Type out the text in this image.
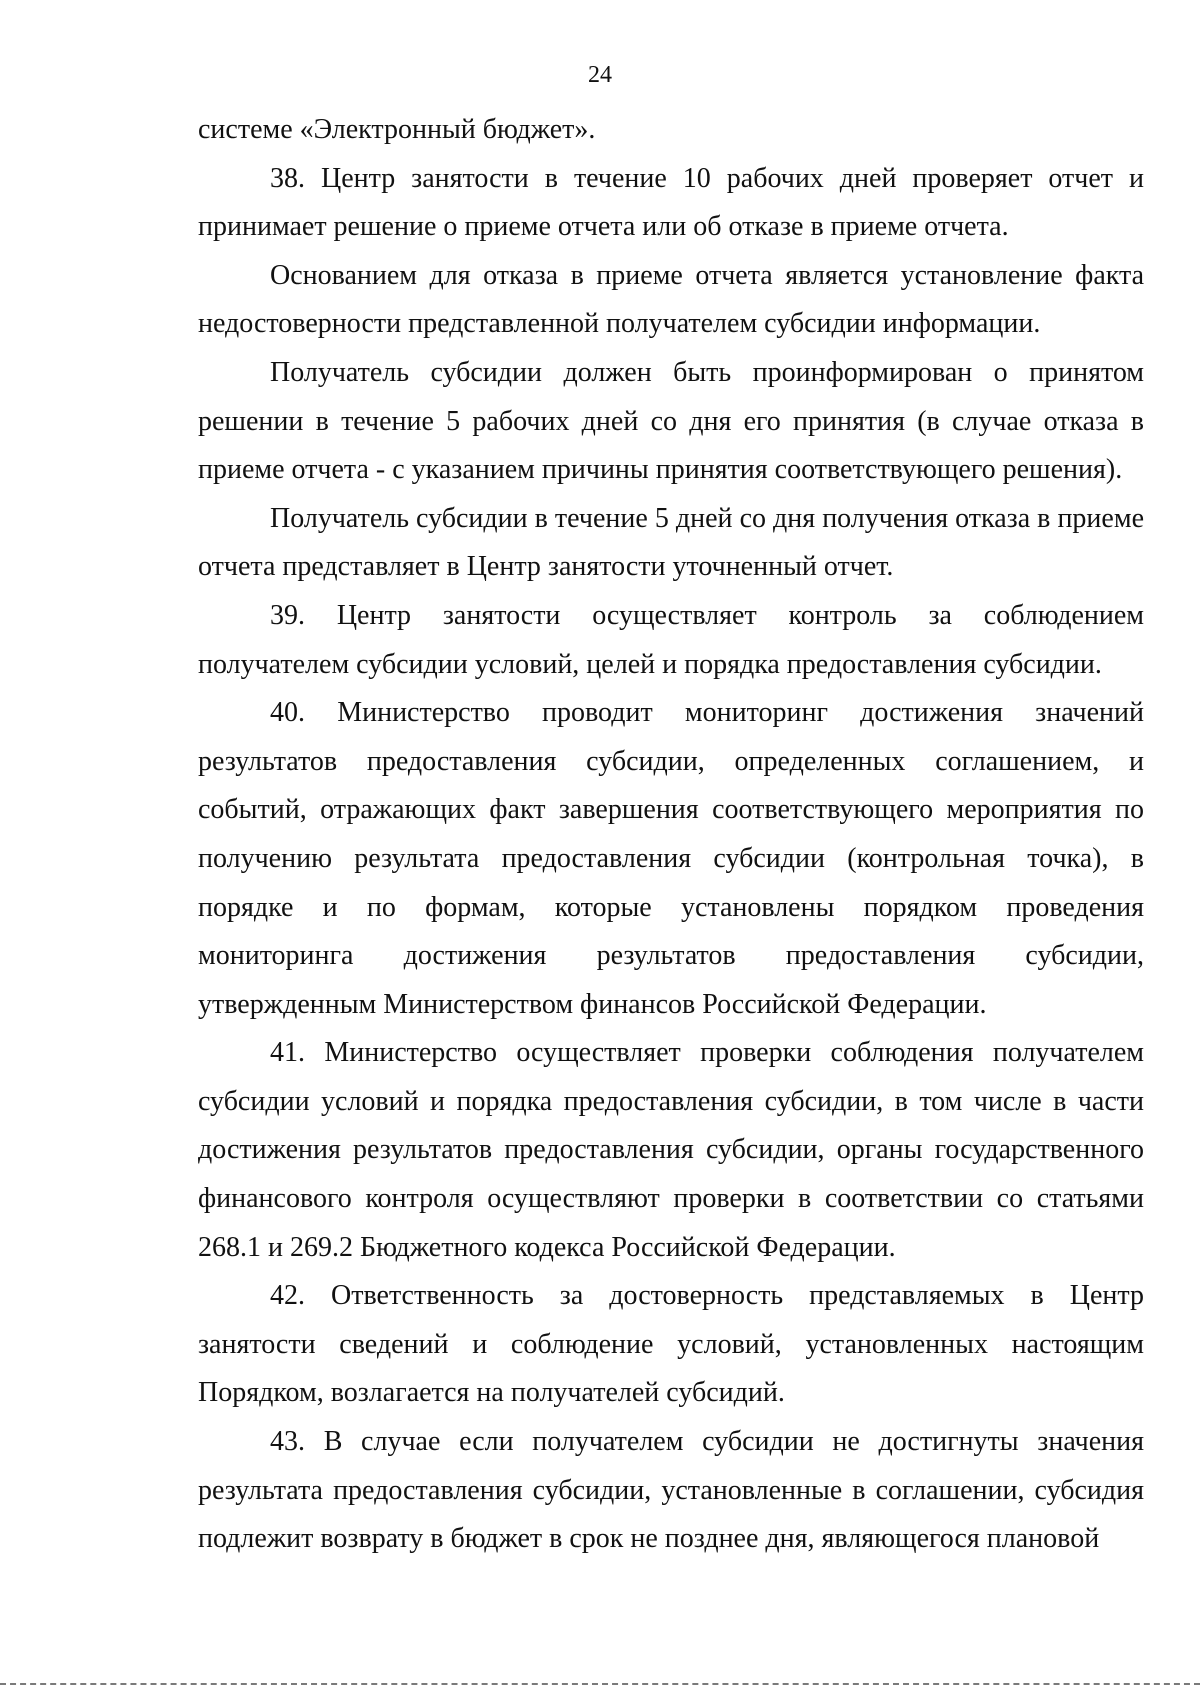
24

системе «Электронный бюджет».

38. Центр занятости в течение 10 рабочих дней проверяет отчет и принимает решение о приеме отчета или об отказе в приеме отчета.

Основанием для отказа в приеме отчета является установление факта недостоверности представленной получателем субсидии информации.

Получатель субсидии должен быть проинформирован о принятом решении в течение 5 рабочих дней со дня его принятия (в случае отказа в приеме отчета - с указанием причины принятия соответствующего решения).

Получатель субсидии в течение 5 дней со дня получения отказа в приеме отчета представляет в Центр занятости уточненный отчет.

39. Центр занятости осуществляет контроль за соблюдением получателем субсидии условий, целей и порядка предоставления субсидии.

40. Министерство проводит мониторинг достижения значений результатов предоставления субсидии, определенных соглашением, и событий, отражающих факт завершения соответствующего мероприятия по получению результата предоставления субсидии (контрольная точка), в порядке и по формам, которые установлены порядком проведения мониторинга достижения результатов предоставления субсидии, утвержденным Министерством финансов Российской Федерации.

41. Министерство осуществляет проверки соблюдения получателем субсидии условий и порядка предоставления субсидии, в том числе в части достижения результатов предоставления субсидии, органы государственного финансового контроля осуществляют проверки в соответствии со статьями 268.1 и 269.2 Бюджетного кодекса Российской Федерации.

42. Ответственность за достоверность представляемых в Центр занятости сведений и соблюдение условий, установленных настоящим Порядком, возлагается на получателей субсидий.

43. В случае если получателем субсидии не достигнуты значения результата предоставления субсидии, установленные в соглашении, субсидия подлежит возврату в бюджет в срок не позднее дня, являющегося плановой
